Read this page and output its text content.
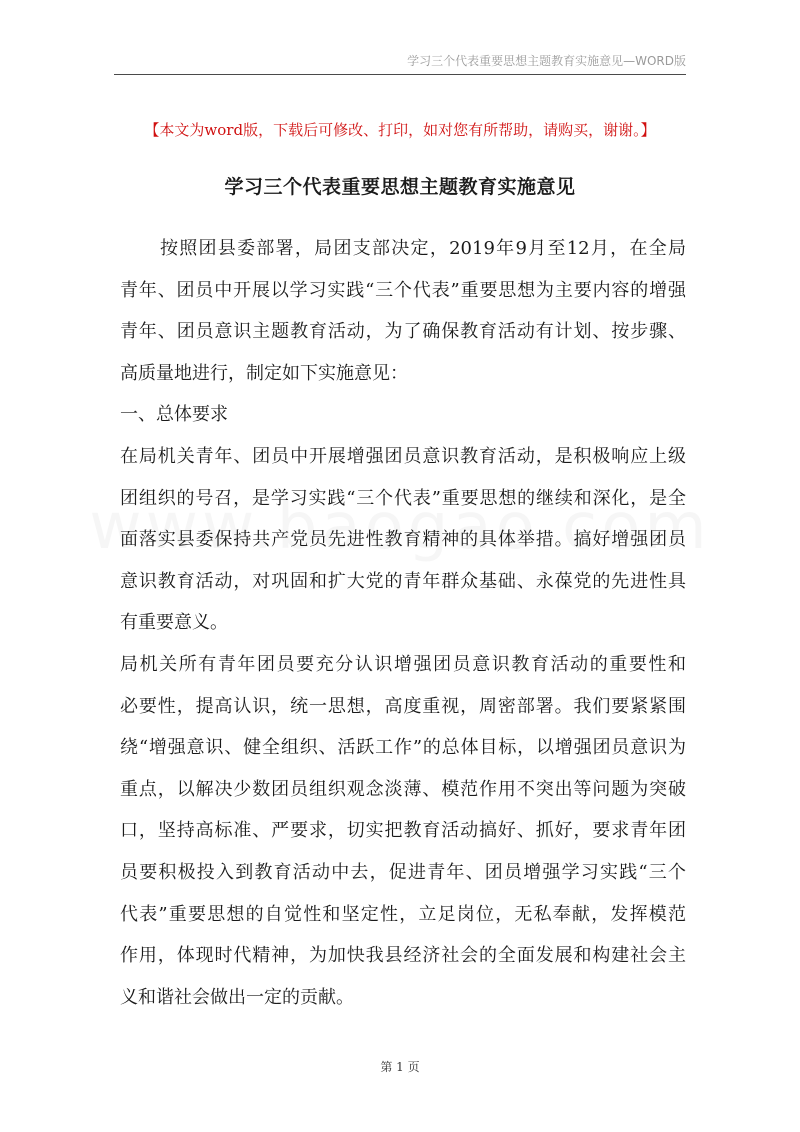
学习三个代表重要思想主题教育实施意见—WORD版
【本文为word版，下载后可修改、打印，如对您有所帮助，请购买，谢谢。】
学习三个代表重要思想主题教育实施意见
按照团县委部署，局团支部决定，2019年9月至12月，在全局
青年、团员中开展以学习实践“三个代表”重要思想为主要内容的增强
青年、团员意识主题教育活动，为了确保教育活动有计划、按步骤、
高质量地进行，制定如下实施意见：
一、总体要求
在局机关青年、团员中开展增强团员意识教育活动，是积极响应上级
团组织的号召，是学习实践“三个代表”重要思想的继续和深化，是全
面落实县委保持共产党员先进性教育精神的具体举措。搞好增强团员
意识教育活动，对巩固和扩大党的青年群众基础、永葆党的先进性具
有重要意义。
局机关所有青年团员要充分认识增强团员意识教育活动的重要性和
必要性，提高认识，统一思想，高度重视，周密部署。我们要紧紧围
绕“增强意识、健全组织、活跃工作”的总体目标，以增强团员意识为
重点，以解决少数团员组织观念淡薄、模范作用不突出等问题为突破
口，坚持高标准、严要求，切实把教育活动搞好、抓好，要求青年团
员要积极投入到教育活动中去，促进青年、团员增强学习实践“三个
代表”重要思想的自觉性和坚定性，立足岗位，无私奉献，发挥模范
作用，体现时代精神，为加快我县经济社会的全面发展和构建社会主
义和谐社会做出一定的贡献。
第 1 页
